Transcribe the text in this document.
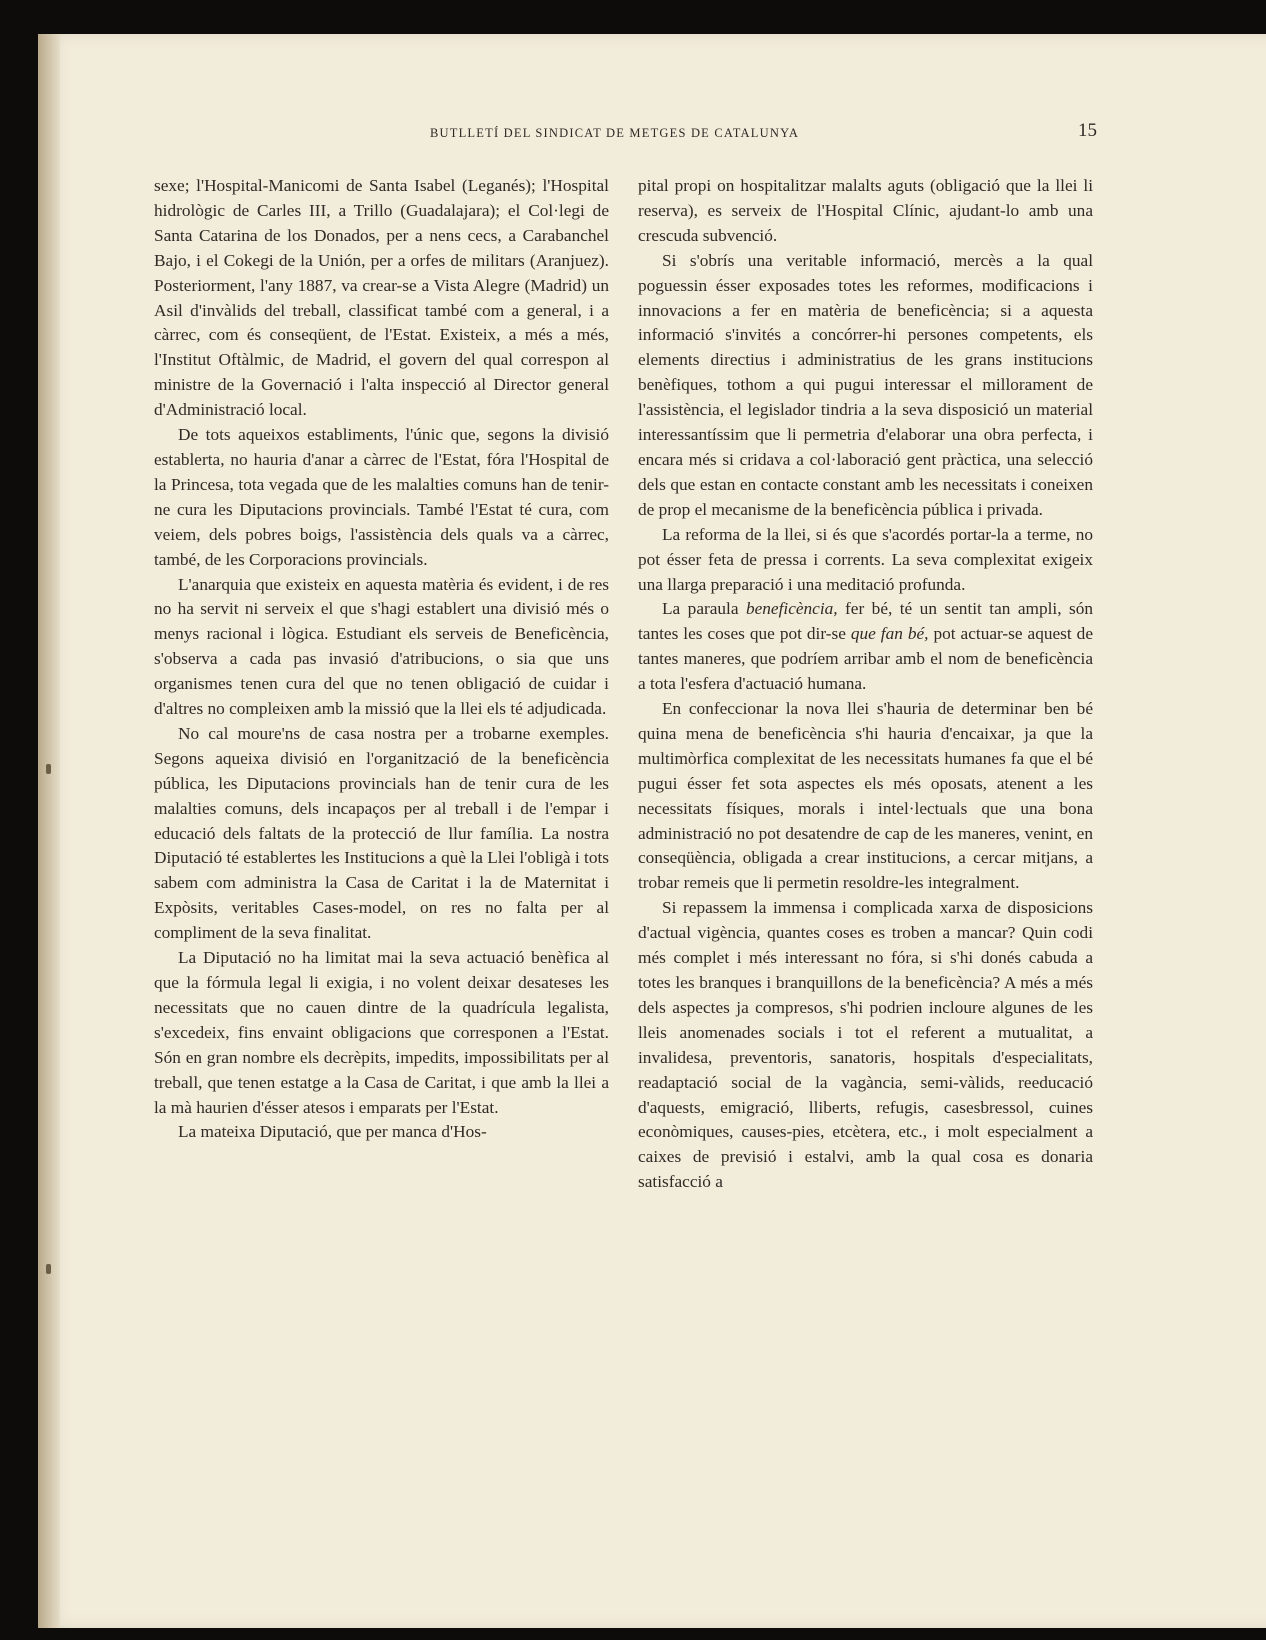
BUTLLETÍ DEL SINDICAT DE METGES DE CATALUNYA	15

sexe; l'Hospital-Manicomi de Santa Isabel (Leganés); l'Hospital hidrològic de Carles III, a Trillo (Guadalajara); el Col·legi de Santa Catarina de los Donados, per a nens cecs, a Carabanchel Bajo, i el Cokegi de la Unión, per a orfes de militars (Aranjuez). Posteriorment, l'any 1887, va crear-se a Vista Alegre (Madrid) un Asil d'invàlids del treball, classificat també com a general, i a càrrec, com és conseqüent, de l'Estat. Existeix, a més a més, l'Institut Oftàlmic, de Madrid, el govern del qual correspon al ministre de la Governació i l'alta inspecció al Director general d'Administració local.

De tots aqueixos establiments, l'únic que, segons la divisió establerta, no hauria d'anar a càrrec de l'Estat, fóra l'Hospital de la Princesa, tota vegada que de les malalties comuns han de tenir-ne cura les Diputacions provincials. També l'Estat té cura, com veiem, dels pobres boigs, l'assistència dels quals va a càrrec, també, de les Corporacions provincials.

L'anarquia que existeix en aquesta matèria és evident, i de res no ha servit ni serveix el que s'hagi establert una divisió més o menys racional i lògica. Estudiant els serveis de Beneficència, s'observa a cada pas invasió d'atribucions, o sia que uns organismes tenen cura del que no tenen obligació de cuidar i d'altres no compleixen amb la missió que la llei els té adjudicada.

No cal moure'ns de casa nostra per a trobarne exemples. Segons aqueixa divisió en l'organització de la beneficència pública, les Diputacions provincials han de tenir cura de les malalties comuns, dels incapaços per al treball i de l'empar i educació dels faltats de la protecció de llur família. La nostra Diputació té establertes les Institucions a què la Llei l'obligà i tots sabem com administra la Casa de Caritat i la de Maternitat i Expòsits, veritables Cases-model, on res no falta per al compliment de la seva finalitat.

La Diputació no ha limitat mai la seva actuació benèfica al que la fórmula legal li exigia, i no volent deixar desateses les necessitats que no cauen dintre de la quadrícula legalista, s'excedeix, fins envaint obligacions que corresponen a l'Estat. Són en gran nombre els decrèpits, impedits, impossibilitats per al treball, que tenen estatge a la Casa de Caritat, i que amb la llei a la mà haurien d'ésser atesos i emparats per l'Estat.

La mateixa Diputació, que per manca d'Hos-

pital propi on hospitalitzar malalts aguts (obligació que la llei li reserva), es serveix de l'Hospital Clínic, ajudant-lo amb una crescuda subvenció.

Si s'obrís una veritable informació, mercès a la qual poguessin ésser exposades totes les reformes, modificacions i innovacions a fer en matèria de beneficència; si a aquesta informació s'invités a concórrer-hi persones competents, els elements directius i administratius de les grans institucions benèfiques, tothom a qui pugui interessar el millorament de l'assistència, el legislador tindria a la seva disposició un material interessantíssim que li permetria d'elaborar una obra perfecta, i encara més si cridava a col·laboració gent pràctica, una selecció dels que estan en contacte constant amb les necessitats i coneixen de prop el mecanisme de la beneficència pública i privada.

La reforma de la llei, si és que s'acordés portar-la a terme, no pot ésser feta de pressa i corrents. La seva complexitat exigeix una llarga preparació i una meditació profunda.

La paraula beneficència, fer bé, té un sentit tan ampli, són tantes les coses que pot dir-se que fan bé, pot actuar-se aquest de tantes maneres, que podríem arribar amb el nom de beneficència a tota l'esfera d'actuació humana.

En confeccionar la nova llei s'hauria de determinar ben bé quina mena de beneficència s'hi hauria d'encaixar, ja que la multimòrfica complexitat de les necessitats humanes fa que el bé pugui ésser fet sota aspectes els més oposats, atenent a les necessitats físiques, morals i intel·lectuals que una bona administració no pot desatendre de cap de les maneres, venint, en conseqüència, obligada a crear institucions, a cercar mitjans, a trobar remeis que li permetin resoldre-les integralment.

Si repassem la immensa i complicada xarxa de disposicions d'actual vigència, quantes coses es troben a mancar? Quin codi més complet i més interessant no fóra, si s'hi donés cabuda a totes les branques i branquillons de la beneficència? A més a més dels aspectes ja compresos, s'hi podrien incloure algunes de les lleis anomenades socials i tot el referent a mutualitat, a invalidesa, preventoris, sanatoris, hospitals d'especialitats, readaptació social de la vagància, semi-vàlids, reeducació d'aquests, emigració, lliberts, refugis, casesbressol, cuines econòmiques, causes-pies, etcètera, etc., i molt especialment a caixes de previsió i estalvi, amb la qual cosa es donaria satisfacció a
